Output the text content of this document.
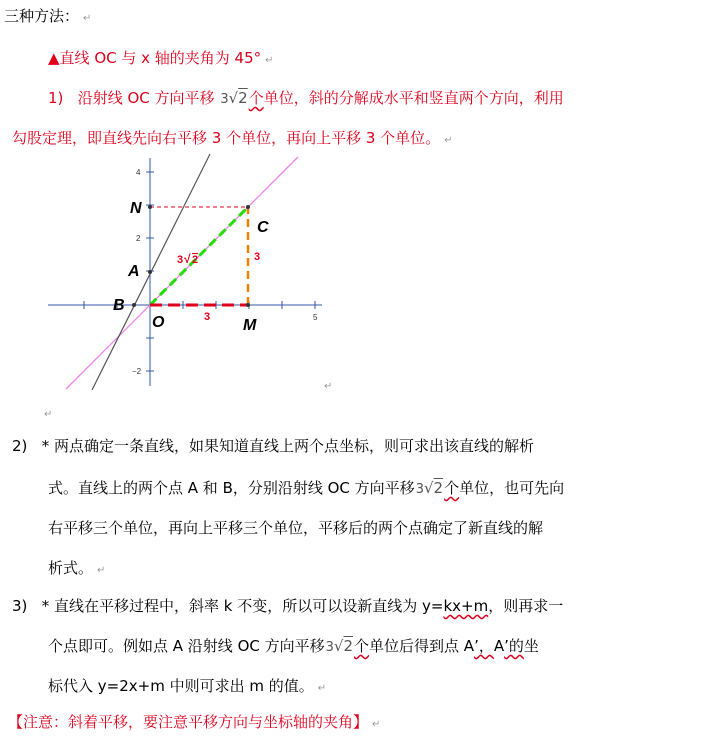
三种方法： ↵
▲直线 OC 与 x 轴的夹角为 45° ↵
1) 沿射线 OC 方向平移 3√2个单位，斜的分解成水平和竖直两个方向，利用
勾股定理，即直线先向右平移 3 个单位，再向上平移 3 个单位。 ↵
4
2
−2
5
N
A
B
O	M
C
3
3
3 √ 2
↵
↵
2) * 两点确定一条直线，如果知道直线上两个点坐标，则可求出该直线的解析
式。直线上的两个点 A 和 B，分别沿射线 OC 方向平移3√2个单位，也可先向
右平移三个单位，再向上平移三个单位，平移后的两个点确定了新直线的解
析式。 ↵
3) * 直线在平移过程中，斜率 k 不变，所以可以设新直线为 y=kx+m，则再求一
个点即可。例如点 A 沿射线 OC 方向平移3√2个单位后得到点 A’，A’的坐
标代入 y=2x+m 中则可求出 m 的值。 ↵
【注意：斜着平移，要注意平移方向与坐标轴的夹角】 ↵
